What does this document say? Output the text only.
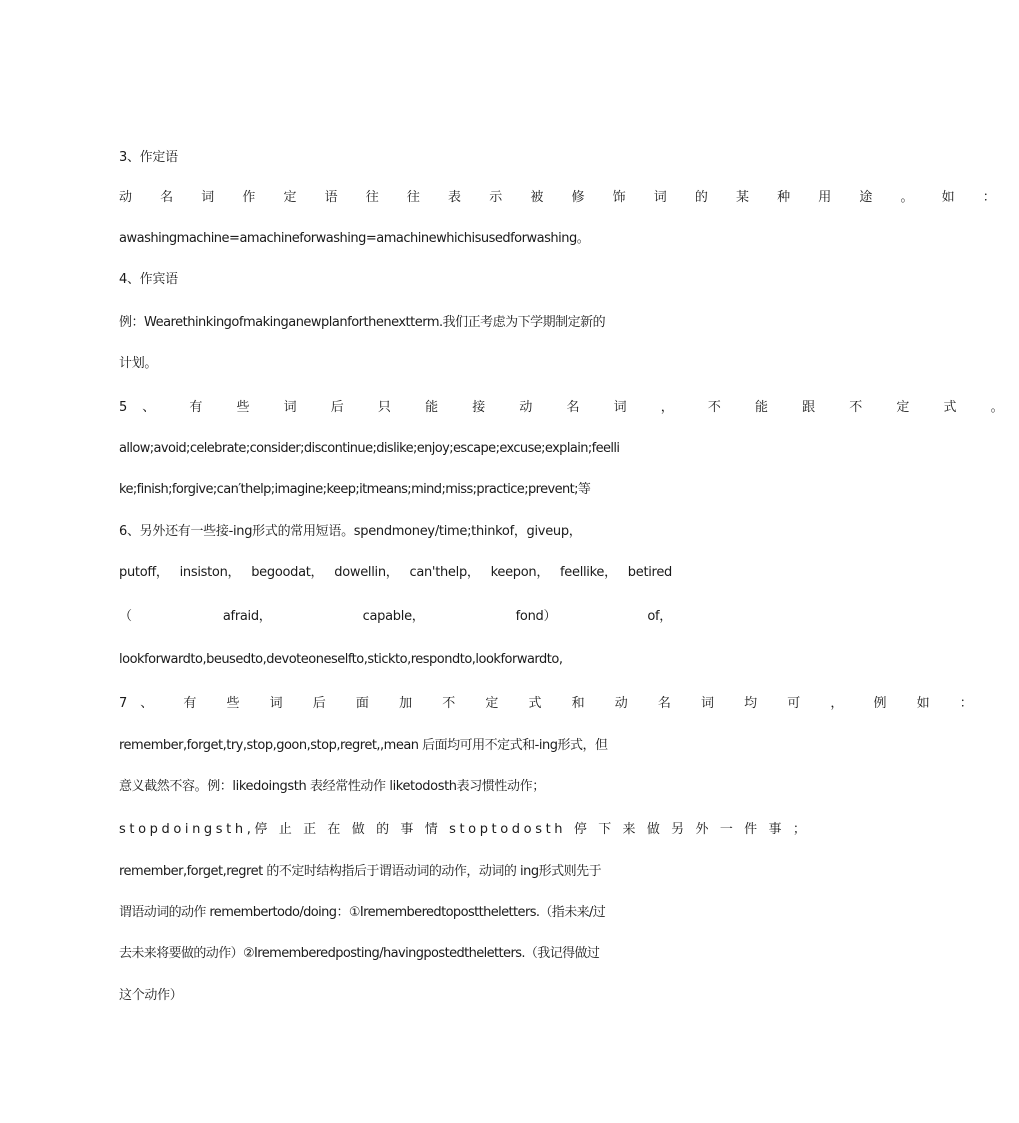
3、作定语
动 名 词 作 定 语 往 往 表 示 被 修 饰 词 的 某 种 用 途 。 如 ：
awashingmachine=amachineforwashing=amachinewhichisusedforwashing。
4、作宾语
例：Wearethinkingofmakinganewplanforthenextterm.我们正考虑为下学期制定新的
计划。
5、 有 些 词 后 只 能 接 动 名 词 ， 不 能 跟 不 定 式 。
allow;avoid;celebrate;consider;discontinue;dislike;enjoy;escape;excuse;explain;feelli
ke;finish;forgive;can′thelp;imagine;keep;itmeans;mind;miss;practice;prevent;等
6、另外还有一些接-ing形式的常用短语。spendmoney/time;thinkof，giveup，
putoff， insiston， begoodat， dowellin， can'thelp， keepon， feellike， betired
（	afraid，	capable，	fond）	of，
lookforwardto,beusedto,devoteoneselfto,stickto,respondto,lookforwardto,
7、 有 些 词 后 面 加 不 定 式 和 动 名 词 均 可 ， 例 如 ：
remember,forget,try,stop,goon,stop,regret,,mean 后面均可用不定式和-ing形式，但
意义截然不容。例：likedoingsth 表经常性动作 liketodosth表习惯性动作；
stopdoingsth,停 止 正 在 做 的 事 情 stoptodosth 停 下 来 做 另 外 一 件 事 ；
remember,forget,regret 的不定时结构指后于谓语动词的动作，动词的 ing形式则先于
谓语动词的动作 remembertodo/doing：①Irememberedtoposttheletters.（指未来/过
去未来将要做的动作）②Irememberedposting/havingpostedtheletters.（我记得做过
这个动作）
